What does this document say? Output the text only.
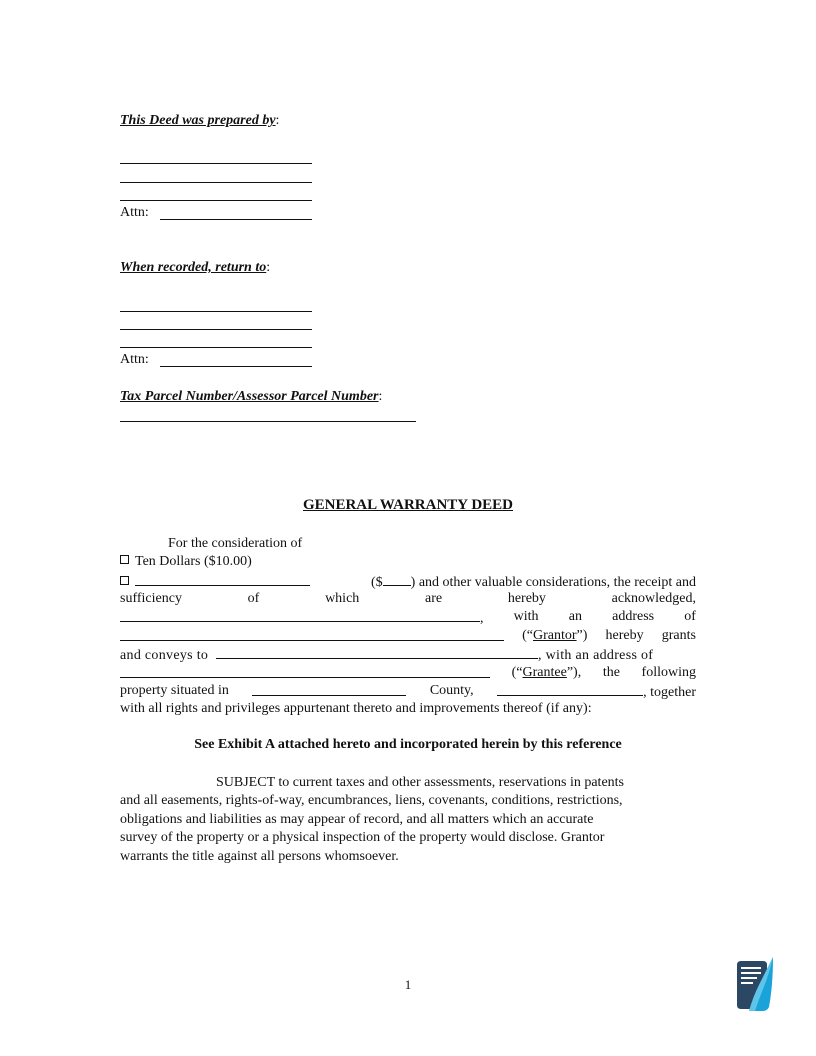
This Deed was prepared by:
Attn:
When recorded, return to:
Attn:
Tax Parcel Number/Assessor Parcel Number:
GENERAL WARRANTY DEED
For the consideration of
Ten Dollars ($10.00)
($ ) and other valuable considerations, the receipt and
sufficiency	of	which	are	hereby	acknowledged,
, with an address of
(“Grantor”) hereby grants
and conveys to	, with an address of
(“Grantee”), the following
property situated in	County,	, together
with all rights and privileges appurtenant thereto and improvements thereof (if any):
See Exhibit A attached hereto and incorporated herein by this reference
SUBJECT to current taxes and other assessments, reservations in patents
and all easements, rights-of-way, encumbrances, liens, covenants, conditions, restrictions,
obligations and liabilities as may appear of record, and all matters which an accurate
survey of the property or a physical inspection of the property would disclose. Grantor
warrants the title against all persons whomsoever.
1
